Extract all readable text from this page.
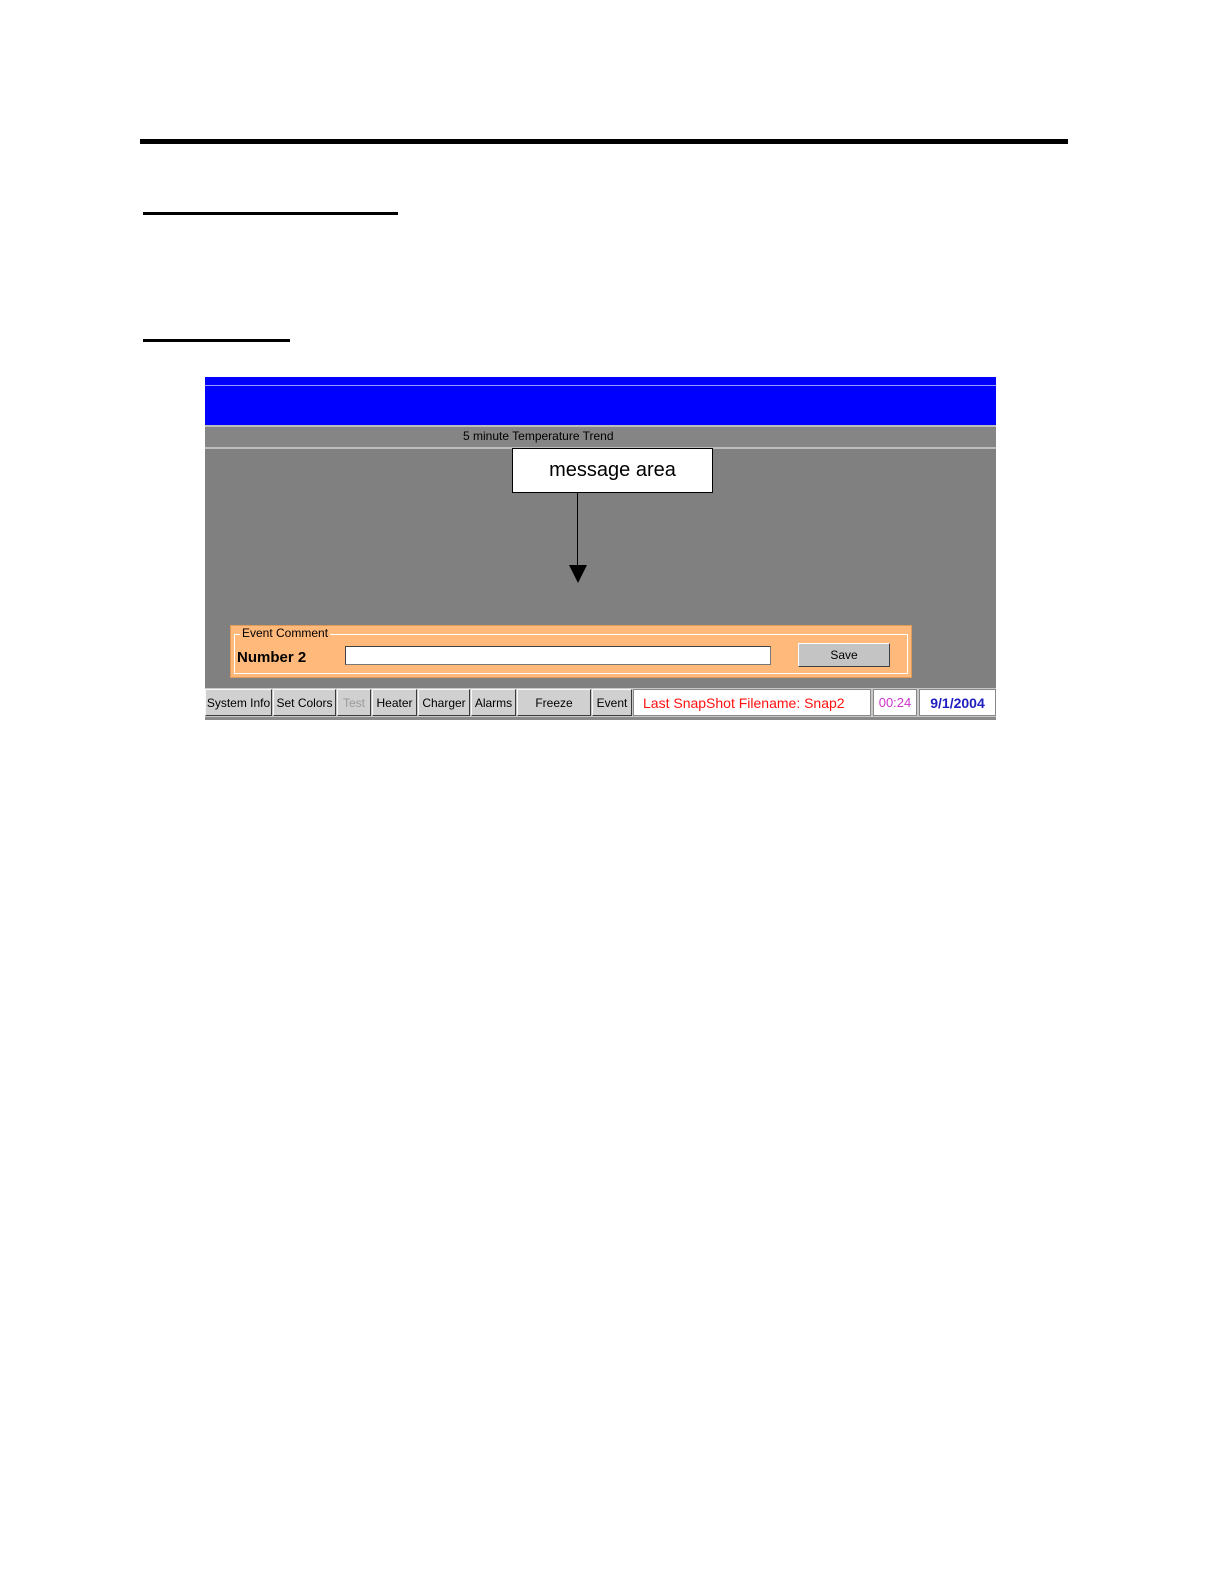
5 minute Temperature Trend
message area
Event Comment
Number 2	Save
System Info Set Colors Test Heater Charger Alarms	Freeze	Event	Last SnapShot Filename: Snap2	00:24	9/1/2004
